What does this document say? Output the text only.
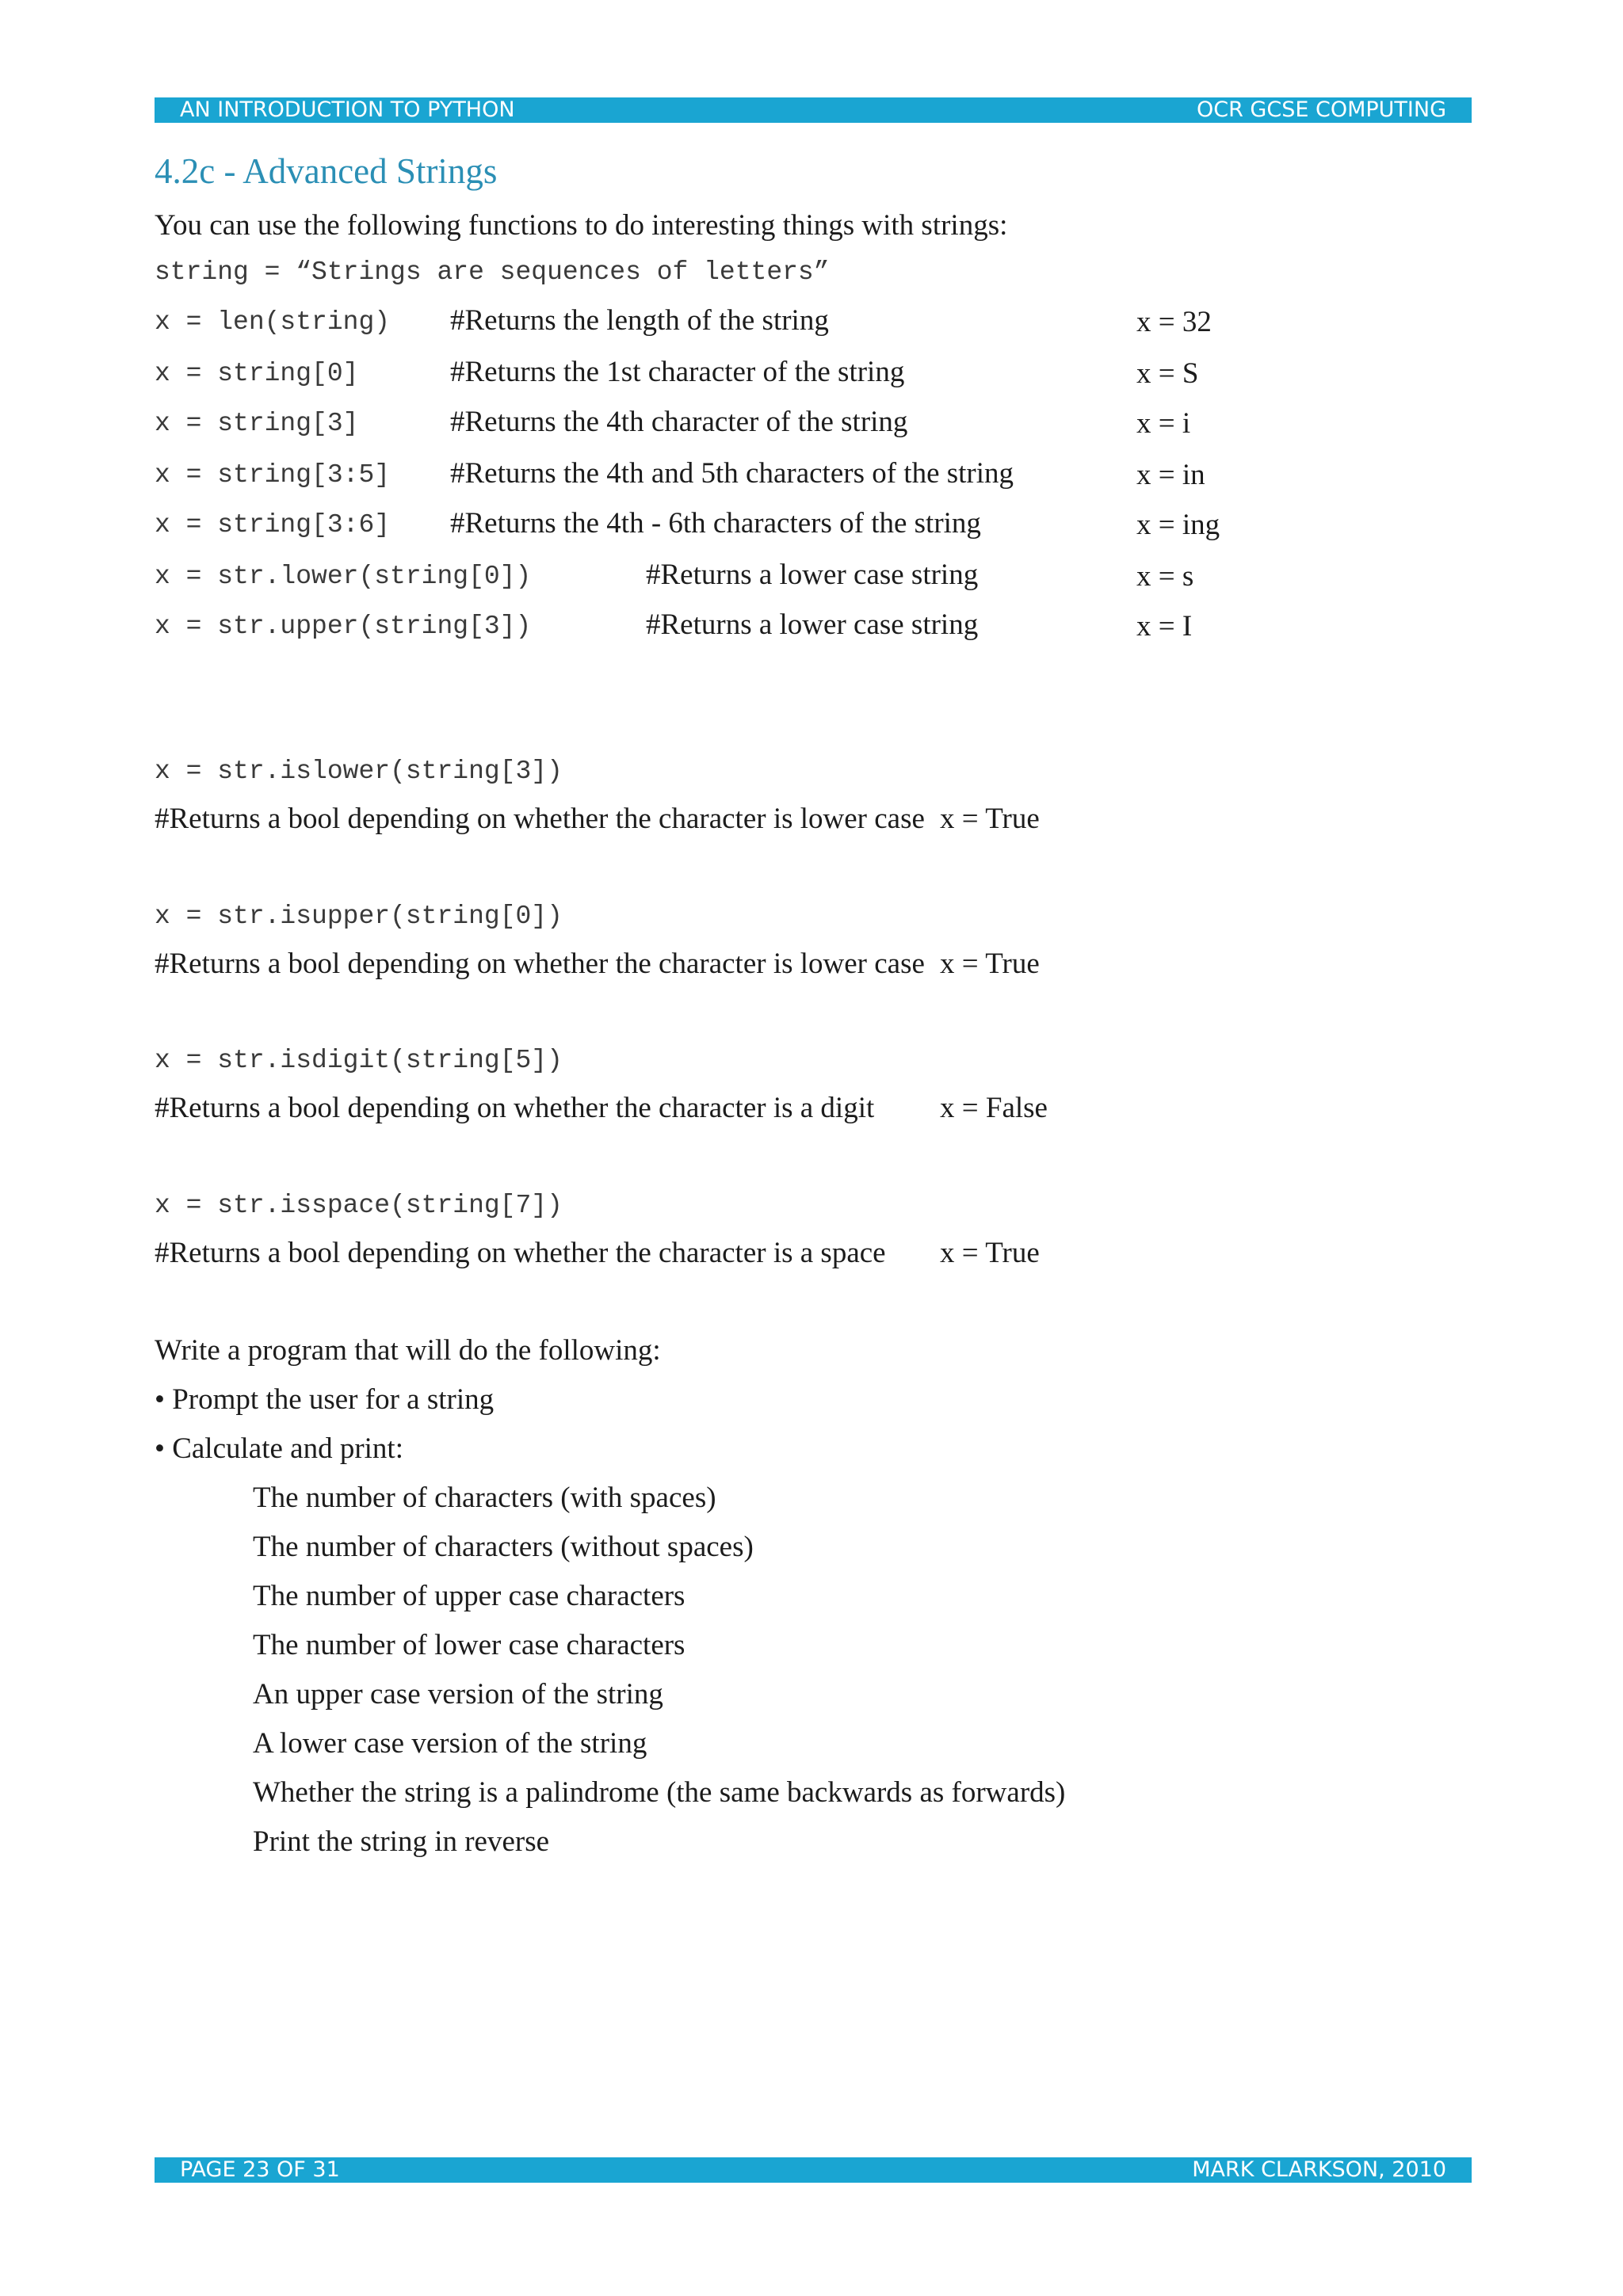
AN INTRODUCTION TO PYTHON	OCR GCSE COMPUTING
4.2c - Advanced Strings
You can use the following functions to do interesting things with strings:
string = “Strings are sequences of letters”
x = len(string) #Returns the length of the string	x = 32
x = string[0]	#Returns the 1st character of the string	x = S
x = string[3]	#Returns the 4th character of the string	x = i
x = string[3:5] #Returns the 4th and 5th characters of the string	x = in
x = string[3:6] #Returns the 4th - 6th characters of the string	x = ing
x = str.lower(string[0])	#Returns a lower case string	x = s
x = str.upper(string[3])	#Returns a lower case string	x = I
x = str.islower(string[3])
#Returns a bool depending on whether the character is lower case x = True
x = str.isupper(string[0])
#Returns a bool depending on whether the character is lower case x = True
x = str.isdigit(string[5])
#Returns a bool depending on whether the character is a digit x = False
x = str.isspace(string[7])
#Returns a bool depending on whether the character is a space x = True
Write a program that will do the following:
• Prompt the user for a string
• Calculate and print:
The number of characters (with spaces)
The number of characters (without spaces)
The number of upper case characters
The number of lower case characters
An upper case version of the string
A lower case version of the string
Whether the string is a palindrome (the same backwards as forwards)
Print the string in reverse
PAGE 23 OF 31	MARK CLARKSON, 2010
